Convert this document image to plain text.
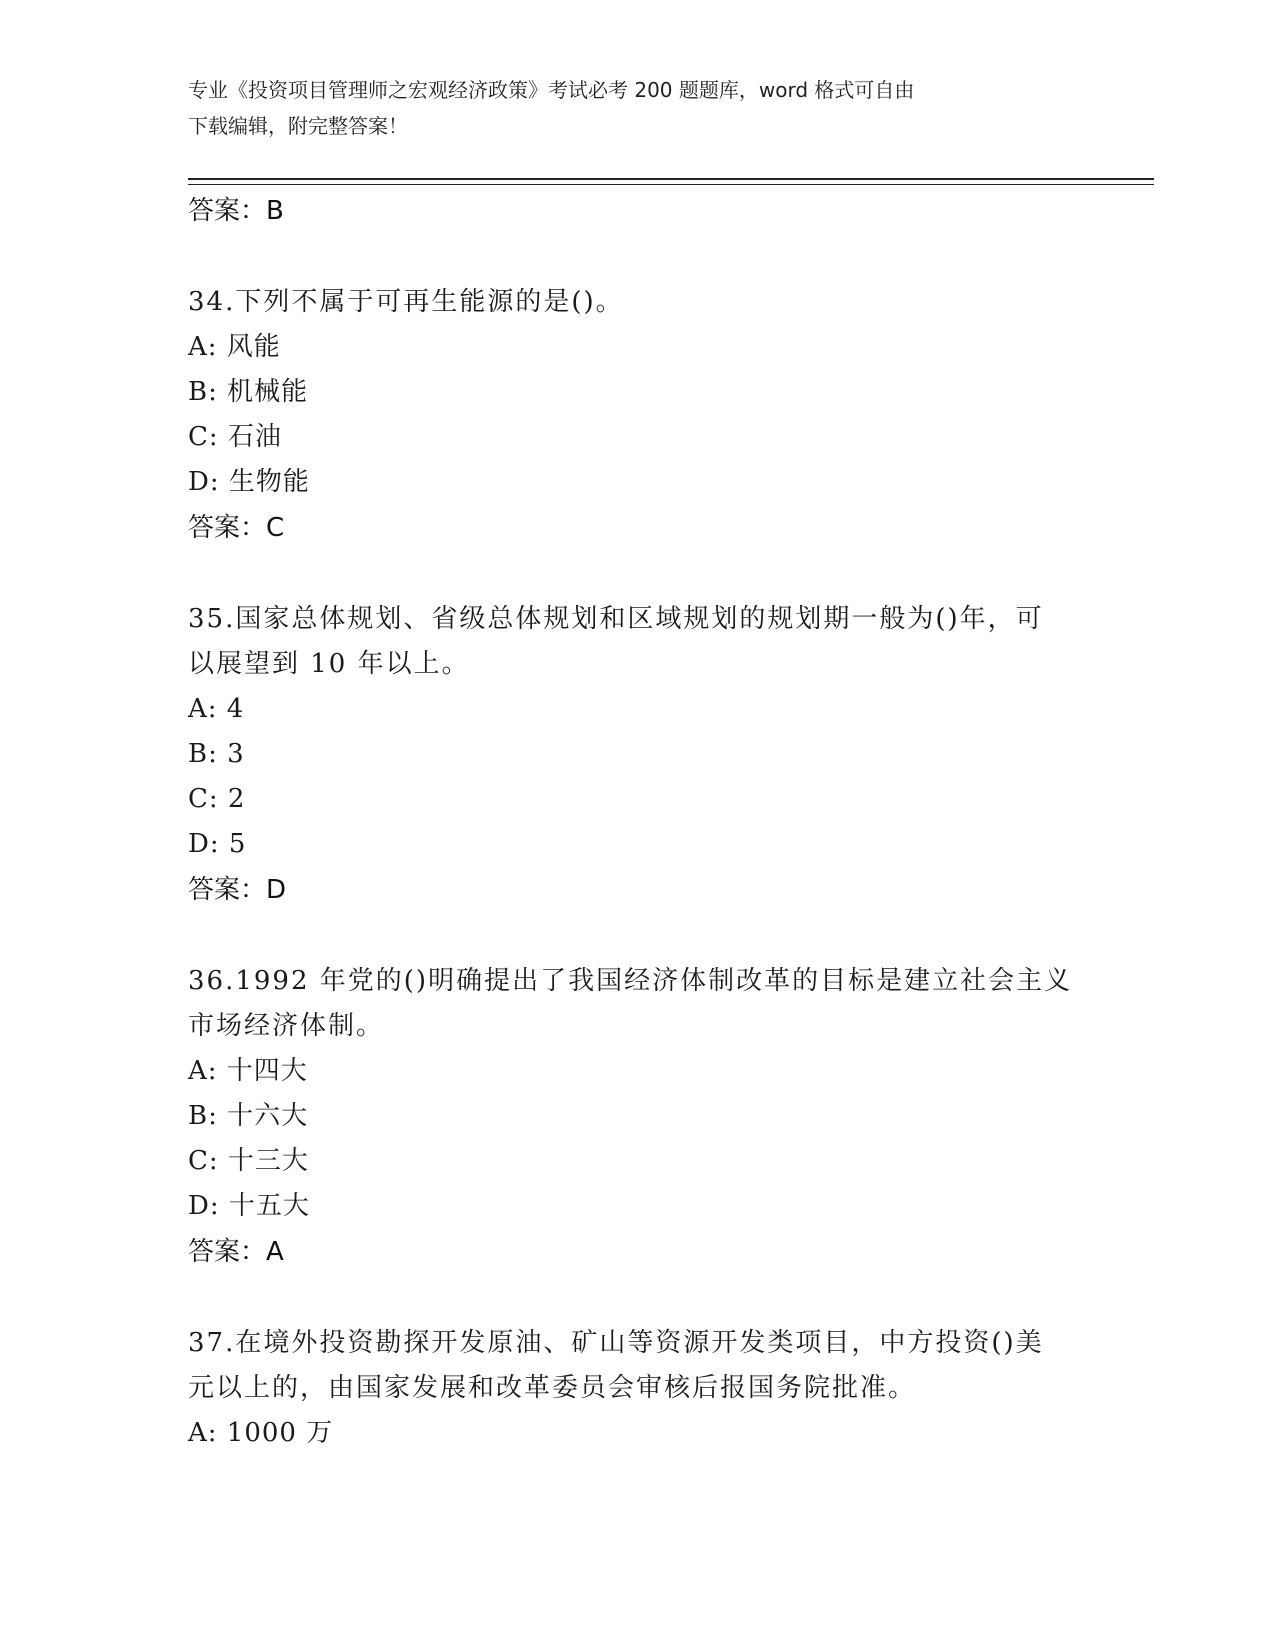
专业《投资项目管理师之宏观经济政策》考试必考 200 题题库，word 格式可自由
下载编辑，附完整答案！
答案：B
34.下列不属于可再生能源的是()。
A: 风能
B: 机械能
C: 石油
D: 生物能
答案：C
35.国家总体规划、省级总体规划和区域规划的规划期一般为()年，可
以展望到 10 年以上。
A: 4
B: 3
C: 2
D: 5
答案：D
36.1992 年党的()明确提出了我国经济体制改革的目标是建立社会主义
市场经济体制。
A: 十四大
B: 十六大
C: 十三大
D: 十五大
答案：A
37.在境外投资勘探开发原油、矿山等资源开发类项目，中方投资()美
元以上的，由国家发展和改革委员会审核后报国务院批准。
A: 1000 万
